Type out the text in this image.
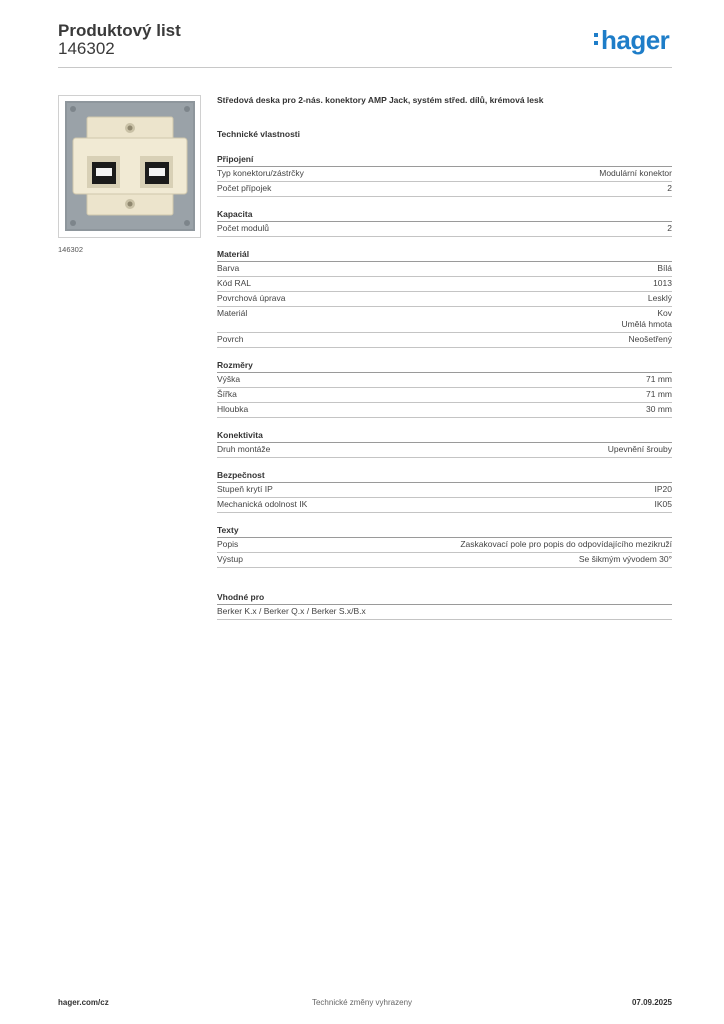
Produktový list
146302	hager
146302
Středová deska pro 2-nás. konektory AMP Jack, systém střed. dílů, krémová lesk
Technické vlastnosti
Připojení
Typ konektoru/zástrčky	Modulární konektor
Počet přípojek	2
Kapacita
Počet modulů	2
Materiál
Barva	Bílá
Kód RAL	1013
Povrchová úprava	Lesklý
Materiál	Kov
Umělá hmota
Povrch	Neošetřený
Rozměry
Výška	71 mm
Šířka	71 mm
Hloubka	30 mm
Konektivita
Druh montáže	Upevnění šrouby
Bezpečnost
Stupeň krytí IP	IP20
Mechanická odolnost IK	IK05
Texty
Popis	Zaskakovací pole pro popis do odpovídajícího mezikruží
Výstup	Se šikmým vývodem 30°
Vhodné pro
Berker K.x / Berker Q.x / Berker S.x/B.x
hager.com/cz	Technické změny vyhrazeny	07.09.2025
